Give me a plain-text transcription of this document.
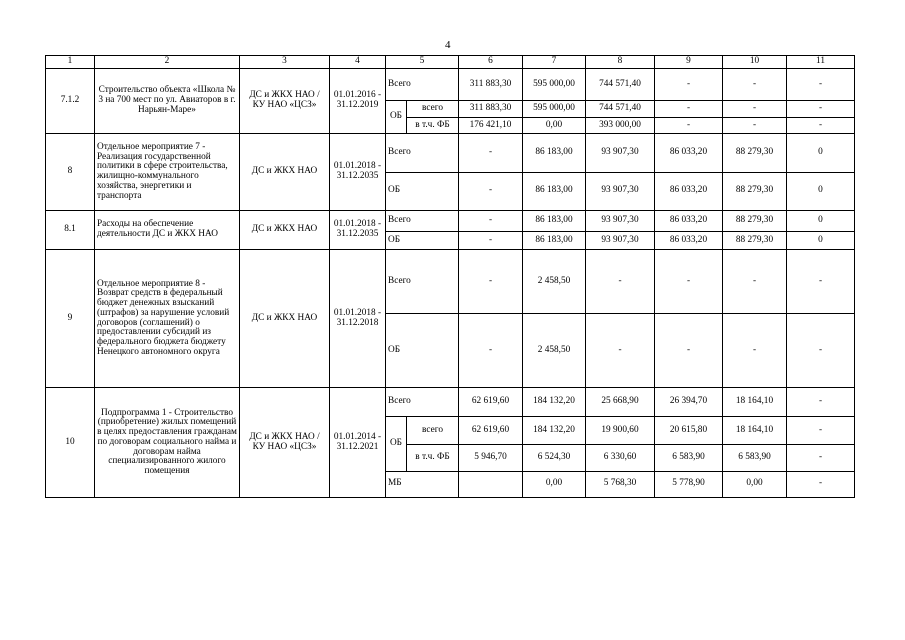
4
1	2	3	4	5		6	7	8	9	10	11
7.1.2	Строительство объекта «Школа № 3 на 700 мест по ул. Авиаторов в г. Нарьян-Маре»	ДС и ЖКХ НАО / КУ НАО «ЦСЗ»	01.01.2016 - 31.12.2019	Всего		311 883,30	595 000,00	744 571,40	-	-	-
				ОБ	всего	311 883,30	595 000,00	744 571,40	-	-	-
					в т.ч. ФБ	176 421,10	0,00	393 000,00	-	-	-
8	Отдельное мероприятие 7 - Реализация государственной политики в сфере строительства, жилищно-коммунального хозяйства, энергетики и транспорта	ДС и ЖКХ НАО	01.01.2018 - 31.12.2035	Всего		-	86 183,00	93 907,30	86 033,20	88 279,30	0
				ОБ		-	86 183,00	93 907,30	86 033,20	88 279,30	0
8.1	Расходы на обеспечение деятельности ДС и ЖКХ НАО	ДС и ЖКХ НАО	01.01.2018 - 31.12.2035	Всего		-	86 183,00	93 907,30	86 033,20	88 279,30	0
				ОБ		-	86 183,00	93 907,30	86 033,20	88 279,30	0
9	Отдельное мероприятие 8 - Возврат средств в федеральный бюджет денежных взысканий (штрафов) за нарушение условий договоров (соглашений) о предоставлении субсидий из федерального бюджета бюджету Ненецкого автономного округа	ДС и ЖКХ НАО	01.01.2018 - 31.12.2018	Всего		-	2 458,50	-	-	-	-
				ОБ		-	2 458,50	-	-	-	-
10	Подпрограмма 1 - Строительство (приобретение) жилых помещений в целях предоставления гражданам по договорам социального найма и договорам найма специализированного жилого помещения	ДС и ЖКХ НАО / КУ НАО «ЦСЗ»	01.01.2014 - 31.12.2021	Всего		62 619,60	184 132,20	25 668,90	26 394,70	18 164,10	-
				ОБ	всего	62 619,60	184 132,20	19 900,60	20 615,80	18 164,10	-
					в т.ч. ФБ	5 946,70	6 524,30	6 330,60	6 583,90	6 583,90	-
				МБ			0,00	5 768,30	5 778,90	0,00	-
